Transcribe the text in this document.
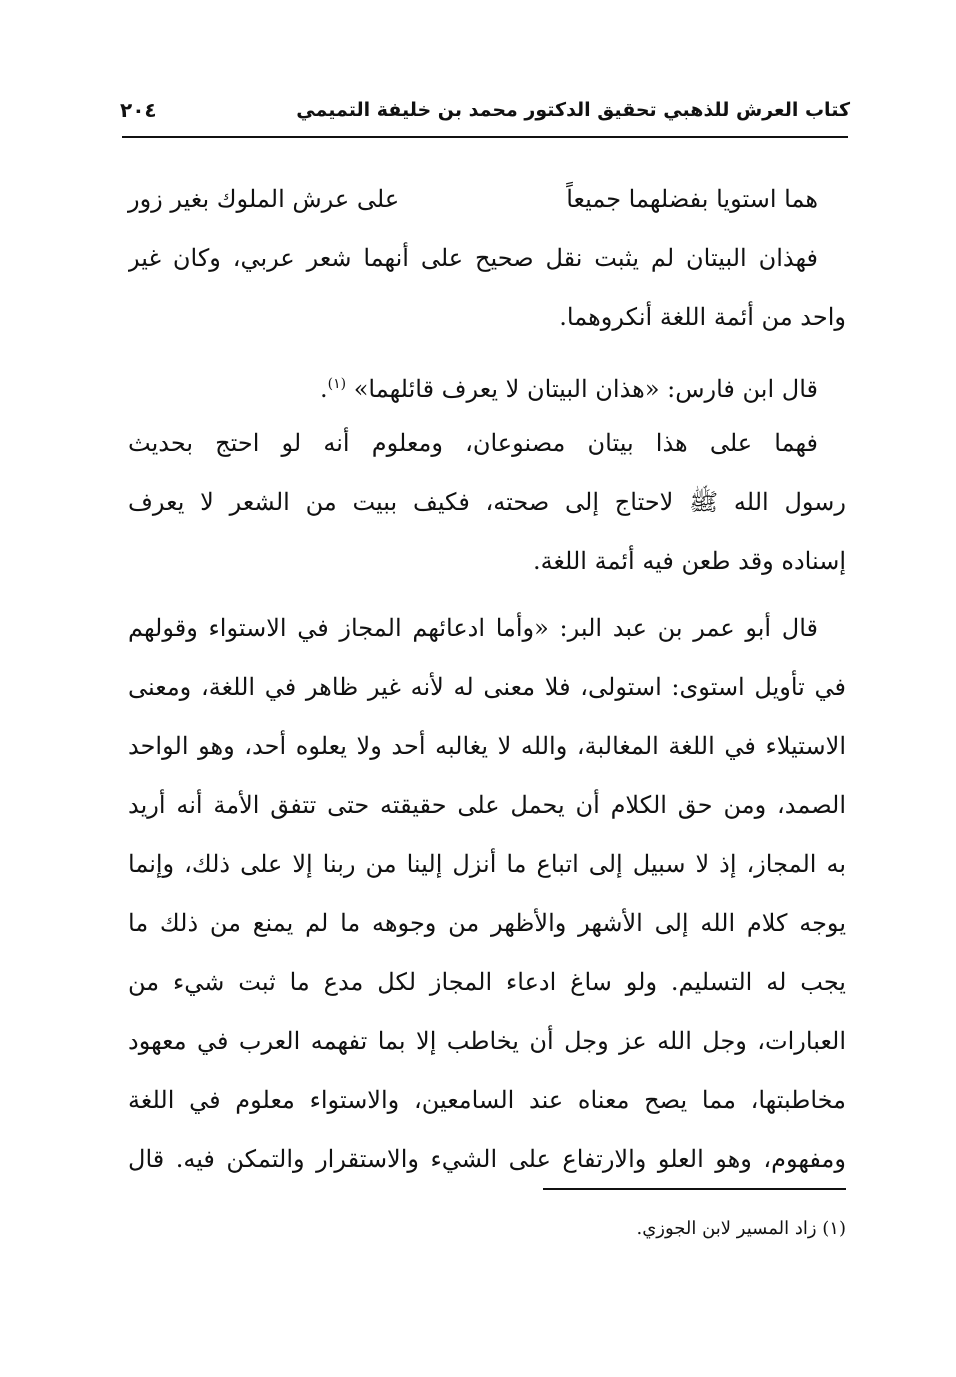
كتاب العرش للذهبي تحقيق الدكتور محمد بن خليفة التميمي
٢٠٤
هما استويا بفضلهما جميعاً
على عرش الملوك بغير زور
فهذان البيتان لم يثبت نقل صحيح على أنهما شعر عربي، وكان غير
واحد من أئمة اللغة أنكروهما.
قال ابن فارس: «هذان البيتان لا يعرف قائلهما» $^{(١)}$.
فهما على هذا بيتان مصنوعان، ومعلوم أنه لو احتج بحديث
رسول الله ﷺ لاحتاج إلى صحته، فكيف ببيت من الشعر لا يعرف
إسناده وقد طعن فيه أئمة اللغة.
قال أبو عمر بن عبد البر: «وأما ادعائهم المجاز في الاستواء وقولهم
في تأويل استوى: استولى، فلا معنى له لأنه غير ظاهر في اللغة، ومعنى
الاستيلاء في اللغة المغالبة، والله لا يغالبه أحد ولا يعلوه أحد، وهو الواحد
الصمد، ومن حق الكلام أن يحمل على حقيقته حتى تتفق الأمة أنه أريد
به المجاز، إذ لا سبيل إلى اتباع ما أنزل إلينا من ربنا إلا على ذلك، وإنما
يوجه كلام الله إلى الأشهر والأظهر من وجوهه ما لم يمنع من ذلك ما
يجب له التسليم. ولو ساغ ادعاء المجاز لكل مدع ما ثبت شيء من
العبارات، وجل الله عز وجل أن يخاطب إلا بما تفهمه العرب في معهود
مخاطبتها، مما يصح معناه عند السامعين، والاستواء معلوم في اللغة
ومفهوم، وهو العلو والارتفاع على الشيء والاستقرار والتمكن فيه. قال
(١) زاد المسير لابن الجوزي.
